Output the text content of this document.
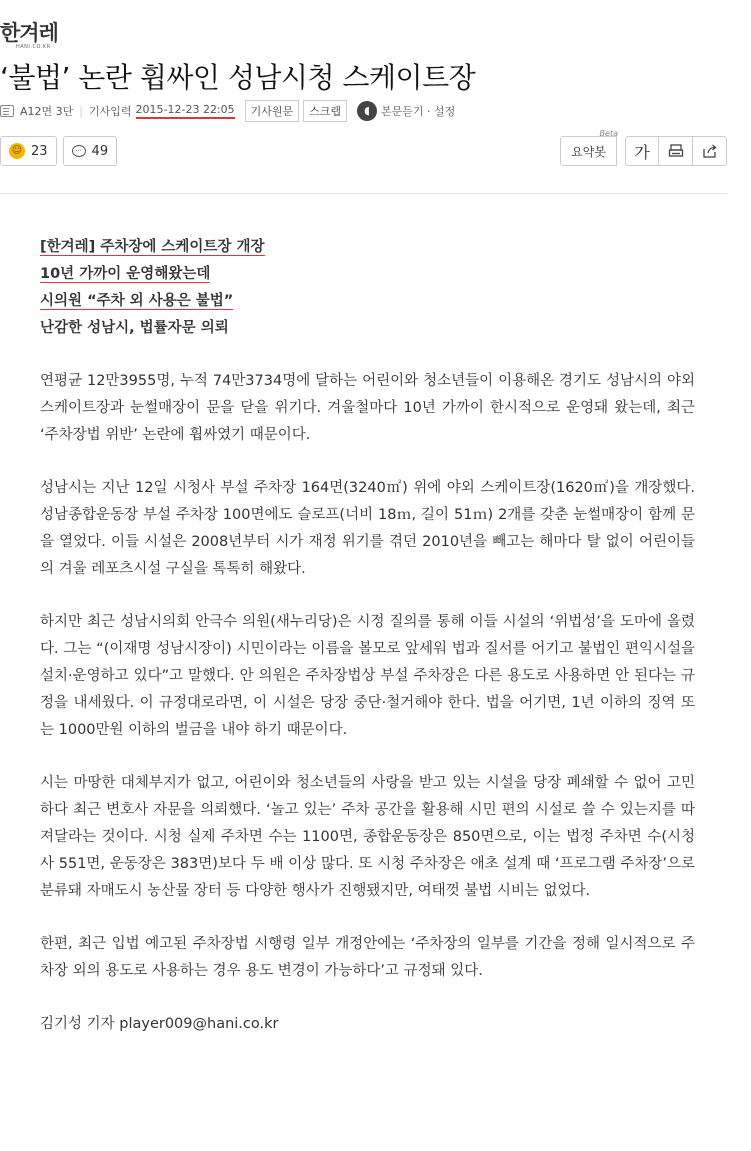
한겨레
HANI.CO.KR
‘불법’ 논란 휩싸인 성남시청 스케이트장
A12면 3단 | 기사입력 2015-12-23 22:05	기사원문	스크랩	◖	본문듣기 · 설정
☺ 23	··· 49	요약봇
Beta
가

[한겨레] 주차장에 스케이트장 개장
10년 가까이 운영해왔는데
시의원 “주차 외 사용은 불법”
난감한 성남시, 법률자문 의뢰

연평균 12만3955명, 누적 74만3734명에 달하는 어린이와 청소년들이 이용해온 경기도 성남시의 야외 스케이트장과 눈썰매장이 문을 닫을 위기다. 겨울철마다 10년 가까이 한시적으로 운영돼 왔는데, 최근 ‘주차장법 위반’ 논란에 휩싸였기 때문이다.

성남시는 지난 12일 시청사 부설 주차장 164면(3240㎡) 위에 야외 스케이트장(1620㎡)을 개장했다. 성남종합운동장 부설 주차장 100면에도 슬로프(너비 18ｍ, 길이 51ｍ) 2개를 갖춘 눈썰매장이 함께 문을 열었다. 이들 시설은 2008년부터 시가 재정 위기를 겪던 2010년을 빼고는 해마다 탈 없이 어린이들의 겨울 레포츠시설 구실을 톡톡히 해왔다.

하지만 최근 성남시의회 안극수 의원(새누리당)은 시정 질의를 통해 이들 시설의 ‘위법성’을 도마에 올렸다. 그는 “(이재명 성남시장이) 시민이라는 이름을 볼모로 앞세워 법과 질서를 어기고 불법인 편익시설을 설치·운영하고 있다”고 말했다. 안 의원은 주차장법상 부설 주차장은 다른 용도로 사용하면 안 된다는 규정을 내세웠다. 이 규정대로라면, 이 시설은 당장 중단·철거해야 한다. 법을 어기면, 1년 이하의 징역 또는 1000만원 이하의 벌금을 내야 하기 때문이다.

시는 마땅한 대체부지가 없고, 어린이와 청소년들의 사랑을 받고 있는 시설을 당장 폐쇄할 수 없어 고민하다 최근 변호사 자문을 의뢰했다. ‘놀고 있는’ 주차 공간을 활용해 시민 편의 시설로 쓸 수 있는지를 따져달라는 것이다. 시청 실제 주차면 수는 1100면, 종합운동장은 850면으로, 이는 법정 주차면 수(시청사 551면, 운동장은 383면)보다 두 배 이상 많다. 또 시청 주차장은 애초 설계 때 ‘프로그램 주차장’으로 분류돼 자매도시 농산물 장터 등 다양한 행사가 진행됐지만, 여태껏 불법 시비는 없었다.

한편, 최근 입법 예고된 주차장법 시행령 일부 개정안에는 ‘주차장의 일부를 기간을 정해 일시적으로 주차장 외의 용도로 사용하는 경우 용도 변경이 가능하다’고 규정돼 있다.

김기성 기자 player009@hani.co.kr
